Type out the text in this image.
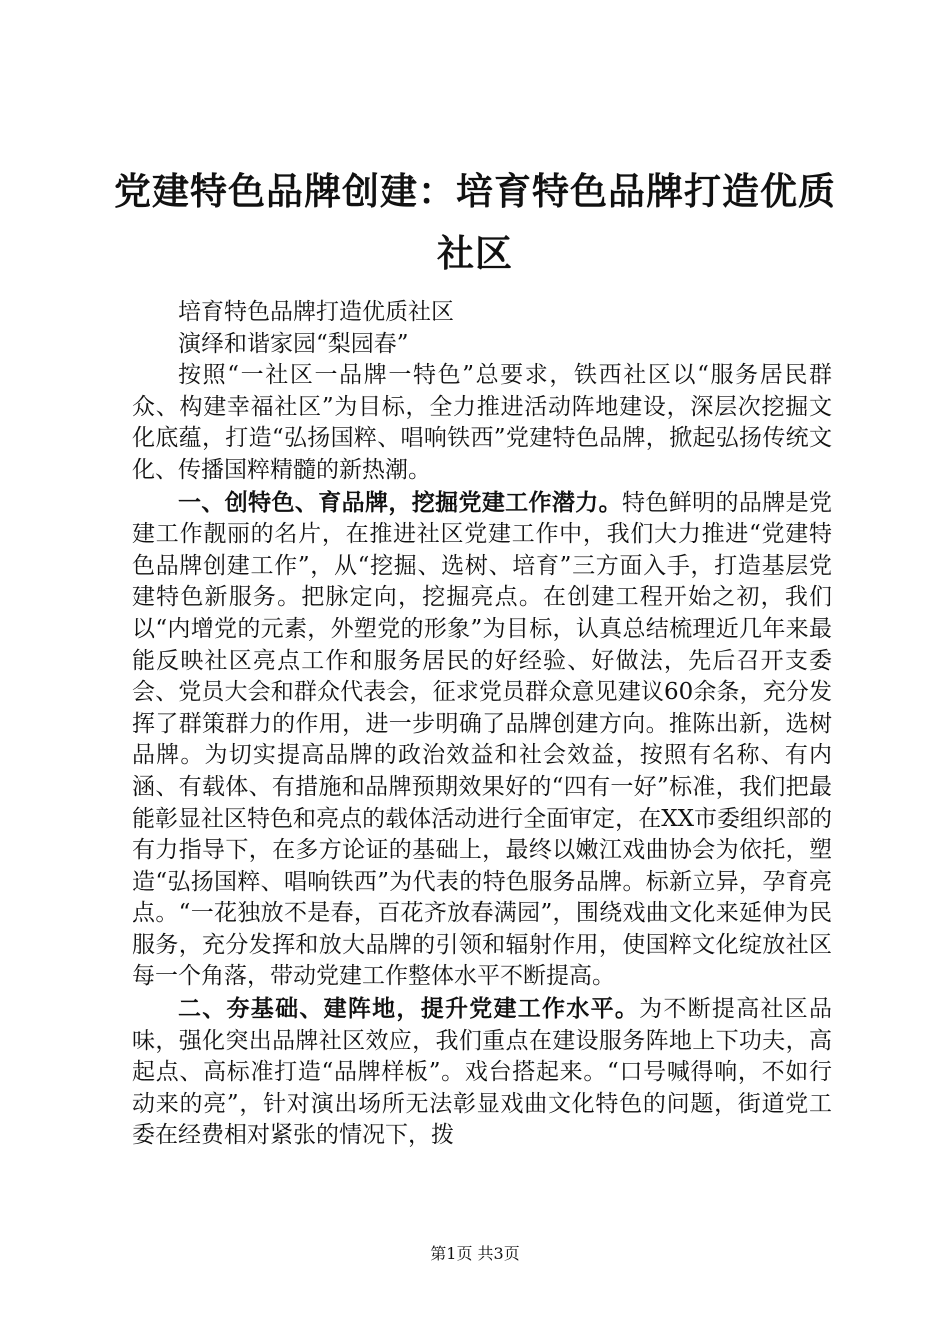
党建特色品牌创建：培育特色品牌打造优质社区

培育特色品牌打造优质社区

演绎和谐家园“梨园春”

按照“一社区一品牌一特色”总要求，铁西社区以“服务居民群众、构建幸福社区”为目标，全力推进活动阵地建设，深层次挖掘文化底蕴，打造“弘扬国粹、唱响铁西”党建特色品牌，掀起弘扬传统文化、传播国粹精髓的新热潮。

一、创特色、育品牌，挖掘党建工作潜力。特色鲜明的品牌是党建工作靓丽的名片，在推进社区党建工作中，我们大力推进“党建特色品牌创建工作”，从“挖掘、选树、培育”三方面入手，打造基层党建特色新服务。把脉定向，挖掘亮点。在创建工程开始之初，我们以“内增党的元素，外塑党的形象”为目标，认真总结梳理近几年来最能反映社区亮点工作和服务居民的好经验、好做法，先后召开支委会、党员大会和群众代表会，征求党员群众意见建议60余条，充分发挥了群策群力的作用，进一步明确了品牌创建方向。推陈出新，选树品牌。为切实提高品牌的政治效益和社会效益，按照有名称、有内涵、有载体、有措施和品牌预期效果好的“四有一好”标准，我们把最能彰显社区特色和亮点的载体活动进行全面审定，在XX市委组织部的有力指导下，在多方论证的基础上，最终以嫩江戏曲协会为依托，塑造“弘扬国粹、唱响铁西”为代表的特色服务品牌。标新立异，孕育亮点。“一花独放不是春，百花齐放春满园”，围绕戏曲文化来延伸为民服务，充分发挥和放大品牌的引领和辐射作用，使国粹文化绽放社区每一个角落，带动党建工作整体水平不断提高。

二、夯基础、建阵地，提升党建工作水平。为不断提高社区品味，强化突出品牌社区效应，我们重点在建设服务阵地上下功夫，高起点、高标准打造“品牌样板”。戏台搭起来。“口号喊得响，不如行动来的亮”，针对演出场所无法彰显戏曲文化特色的问题，街道党工委在经费相对紧张的情况下，拨

第1页 共3页
